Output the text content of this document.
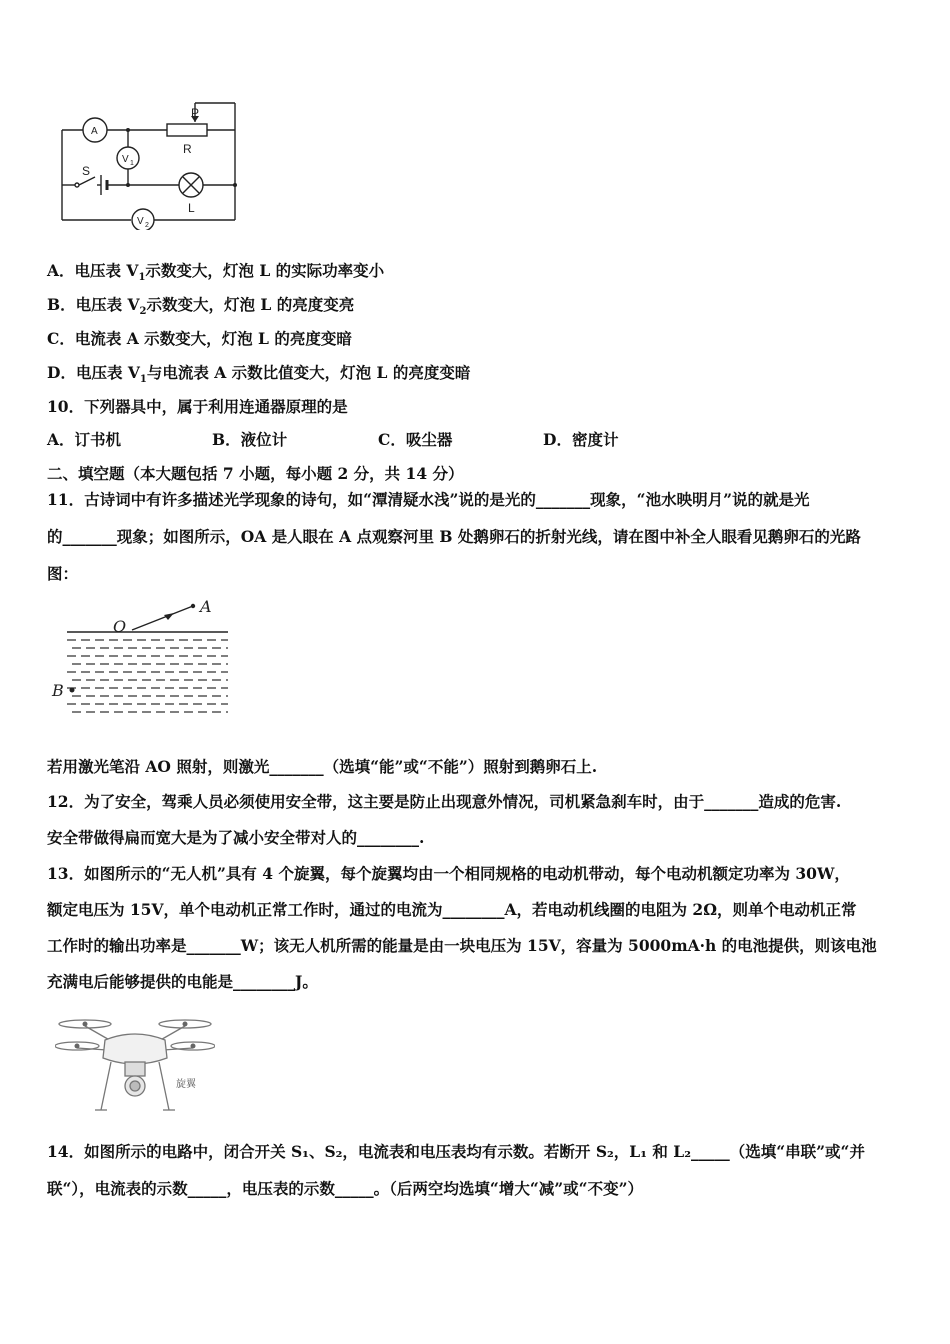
P
R
A
V 1
S
L
V 2
A．电压表 $V_1$示数变大，灯泡 L 的实际功率变小
B．电压表 $V_2$示数变大，灯泡 L 的亮度变亮
C．电流表 A 示数变大，灯泡 L 的亮度变暗
D．电压表 $V_1$与电流表 A 示数比值变大，灯泡 L 的亮度变暗
10．下列器具中，属于利用连通器原理的是
A．订书机	B．液位计	C．吸尘器	D．密度计
二、填空题（本大题包括 7 小题，每小题 2 分，共 14 分）
11．古诗词中有许多描述光学现象的诗句，如“潭清疑水浅”说的是光的_______现象，“池水映明月”说的就是光
的_______现象；如图所示，OA 是人眼在 A 点观察河里 B 处鹅卵石的折射光线，请在图中补全人眼看见鹅卵石的光路
图：
O
A
B
若用激光笔沿 AO 照射，则激光_______（选填“能”或“不能”）照射到鹅卵石上.
12．为了安全，驾乘人员必须使用安全带，这主要是防止出现意外情况，司机紧急刹车时，由于_______造成的危害.
安全带做得扁而宽大是为了减小安全带对人的________.
13．如图所示的“无人机”具有 4 个旋翼，每个旋翼均由一个相同规格的电动机带动，每个电动机额定功率为 30W，
额定电压为 15V，单个电动机正常工作时，通过的电流为________A，若电动机线圈的电阻为 2Ω，则单个电动机正常
工作时的输出功率是_______W；该无人机所需的能量是由一块电压为 15V，容量为 5000mA·h 的电池提供，则该电池
充满电后能够提供的电能是________J。
旋翼
14．如图所示的电路中，闭合开关 S₁、S₂，电流表和电压表均有示数。若断开 S₂，L₁ 和 L₂_____（选填“串联”或“并
联“），电流表的示数_____，电压表的示数_____。（后两空均选填“增大“减”或“不变”）
